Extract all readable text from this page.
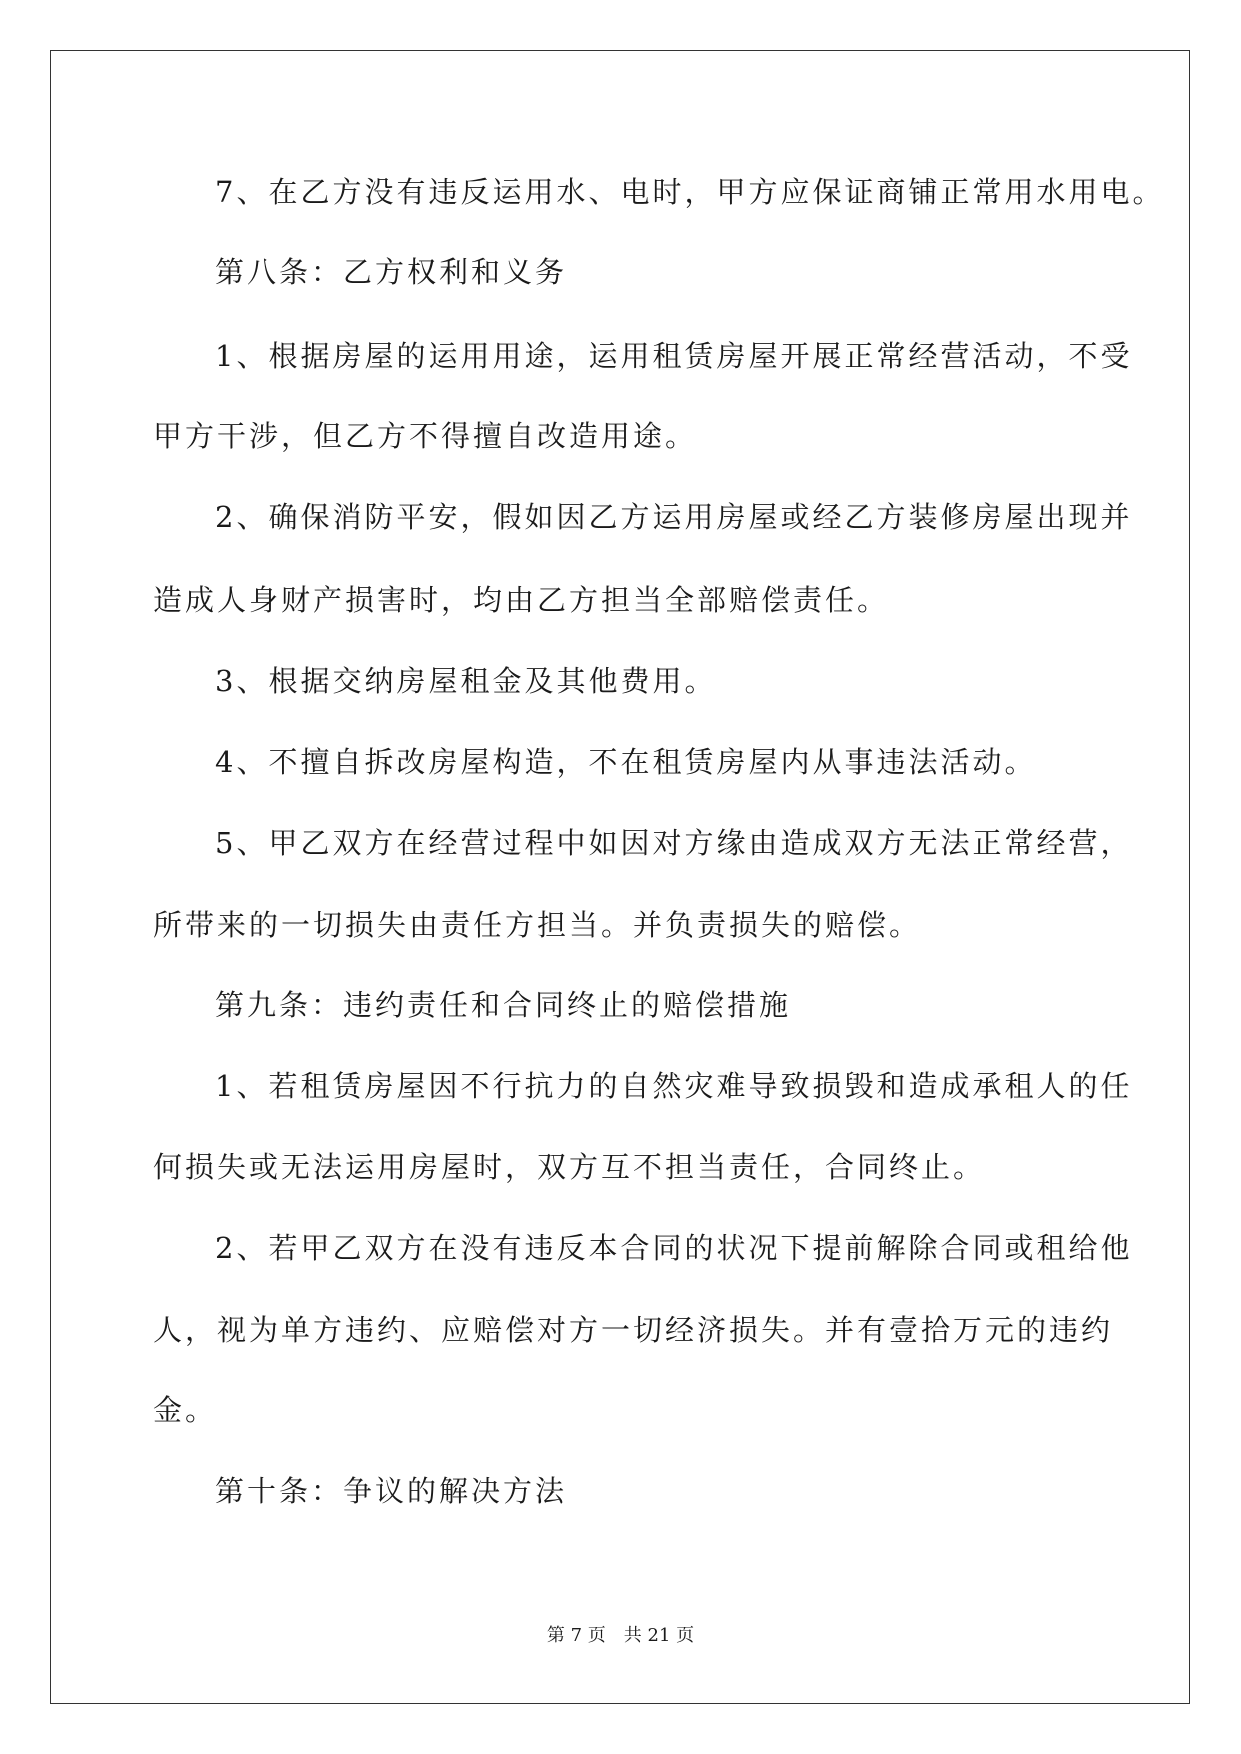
7、在乙方没有违反运用水、电时，甲方应保证商铺正常用水用电。
第八条：乙方权利和义务
1、根据房屋的运用用途，运用租赁房屋开展正常经营活动，不受
甲方干涉，但乙方不得擅自改造用途。
2、确保消防平安，假如因乙方运用房屋或经乙方装修房屋出现并
造成人身财产损害时，均由乙方担当全部赔偿责任。
3、根据交纳房屋租金及其他费用。
4、不擅自拆改房屋构造，不在租赁房屋内从事违法活动。
5、甲乙双方在经营过程中如因对方缘由造成双方无法正常经营，
所带来的一切损失由责任方担当。并负责损失的赔偿。
第九条：违约责任和合同终止的赔偿措施
1、若租赁房屋因不行抗力的自然灾难导致损毁和造成承租人的任
何损失或无法运用房屋时，双方互不担当责任，合同终止。
2、若甲乙双方在没有违反本合同的状况下提前解除合同或租给他
人，视为单方违约、应赔偿对方一切经济损失。并有壹拾万元的违约
金。
第十条：争议的解决方法
第 7 页　共 21 页
